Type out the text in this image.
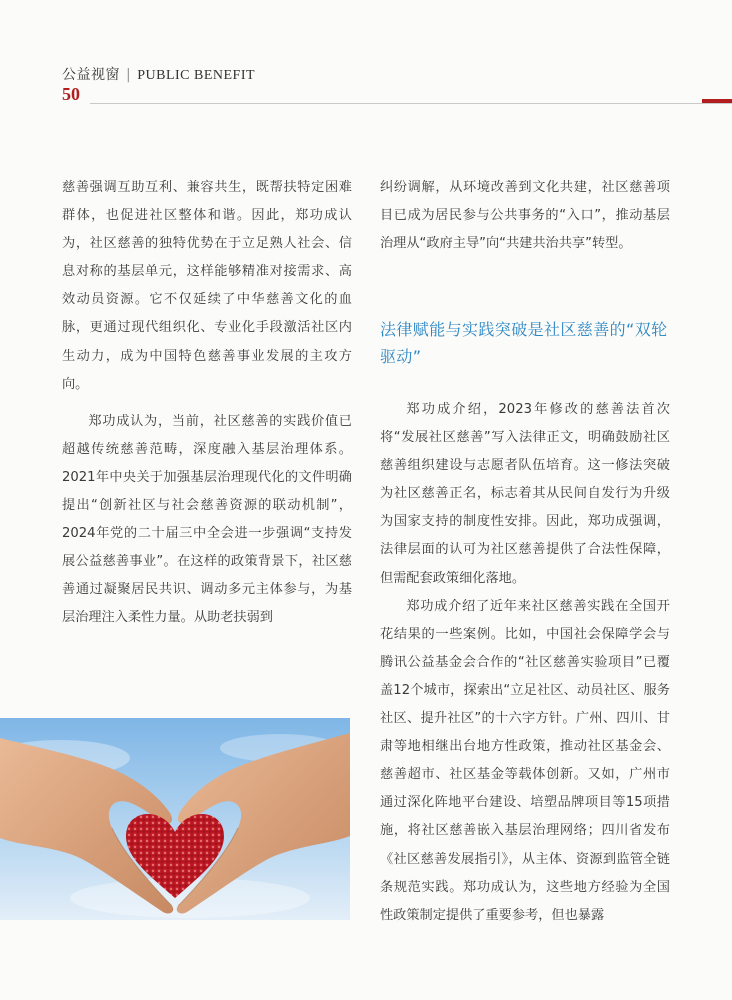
公益视窗 | PUBLIC BENEFIT
50

慈善强调互助互利、兼容共生，既帮扶特定困难群体，也促进社区整体和谐。因此，郑功成认为，社区慈善的独特优势在于立足熟人社会、信息对称的基层单元，这样能够精准对接需求、高效动员资源。它不仅延续了中华慈善文化的血脉，更通过现代组织化、专业化手段激活社区内生动力，成为中国特色慈善事业发展的主攻方向。

郑功成认为，当前，社区慈善的实践价值已超越传统慈善范畴，深度融入基层治理体系。2021年中央关于加强基层治理现代化的文件明确提出“创新社区与社会慈善资源的联动机制”，2024年党的二十届三中全会进一步强调“支持发展公益慈善事业”。在这样的政策背景下，社区慈善通过凝聚居民共识、调动多元主体参与，为基层治理注入柔性力量。从助老扶弱到

纠纷调解，从环境改善到文化共建，社区慈善项目已成为居民参与公共事务的“入口”，推动基层治理从“政府主导”向“共建共治共享”转型。

法律赋能与实践突破是社区慈善的“双轮驱动”

郑功成介绍，2023年修改的慈善法首次将“发展社区慈善”写入法律正文，明确鼓励社区慈善组织建设与志愿者队伍培育。这一修法突破为社区慈善正名，标志着其从民间自发行为升级为国家支持的制度性安排。因此，郑功成强调，法律层面的认可为社区慈善提供了合法性保障，但需配套政策细化落地。

郑功成介绍了近年来社区慈善实践在全国开花结果的一些案例。比如，中国社会保障学会与腾讯公益基金会合作的“社区慈善实验项目”已覆盖12个城市，探索出“立足社区、动员社区、服务社区、提升社区”的十六字方针。广州、四川、甘肃等地相继出台地方性政策，推动社区基金会、慈善超市、社区基金等载体创新。又如，广州市通过深化阵地平台建设、培塑品牌项目等15项措施，将社区慈善嵌入基层治理网络；四川省发布《社区慈善发展指引》，从主体、资源到监管全链条规范实践。郑功成认为，这些地方经验为全国性政策制定提供了重要参考，但也暴露
